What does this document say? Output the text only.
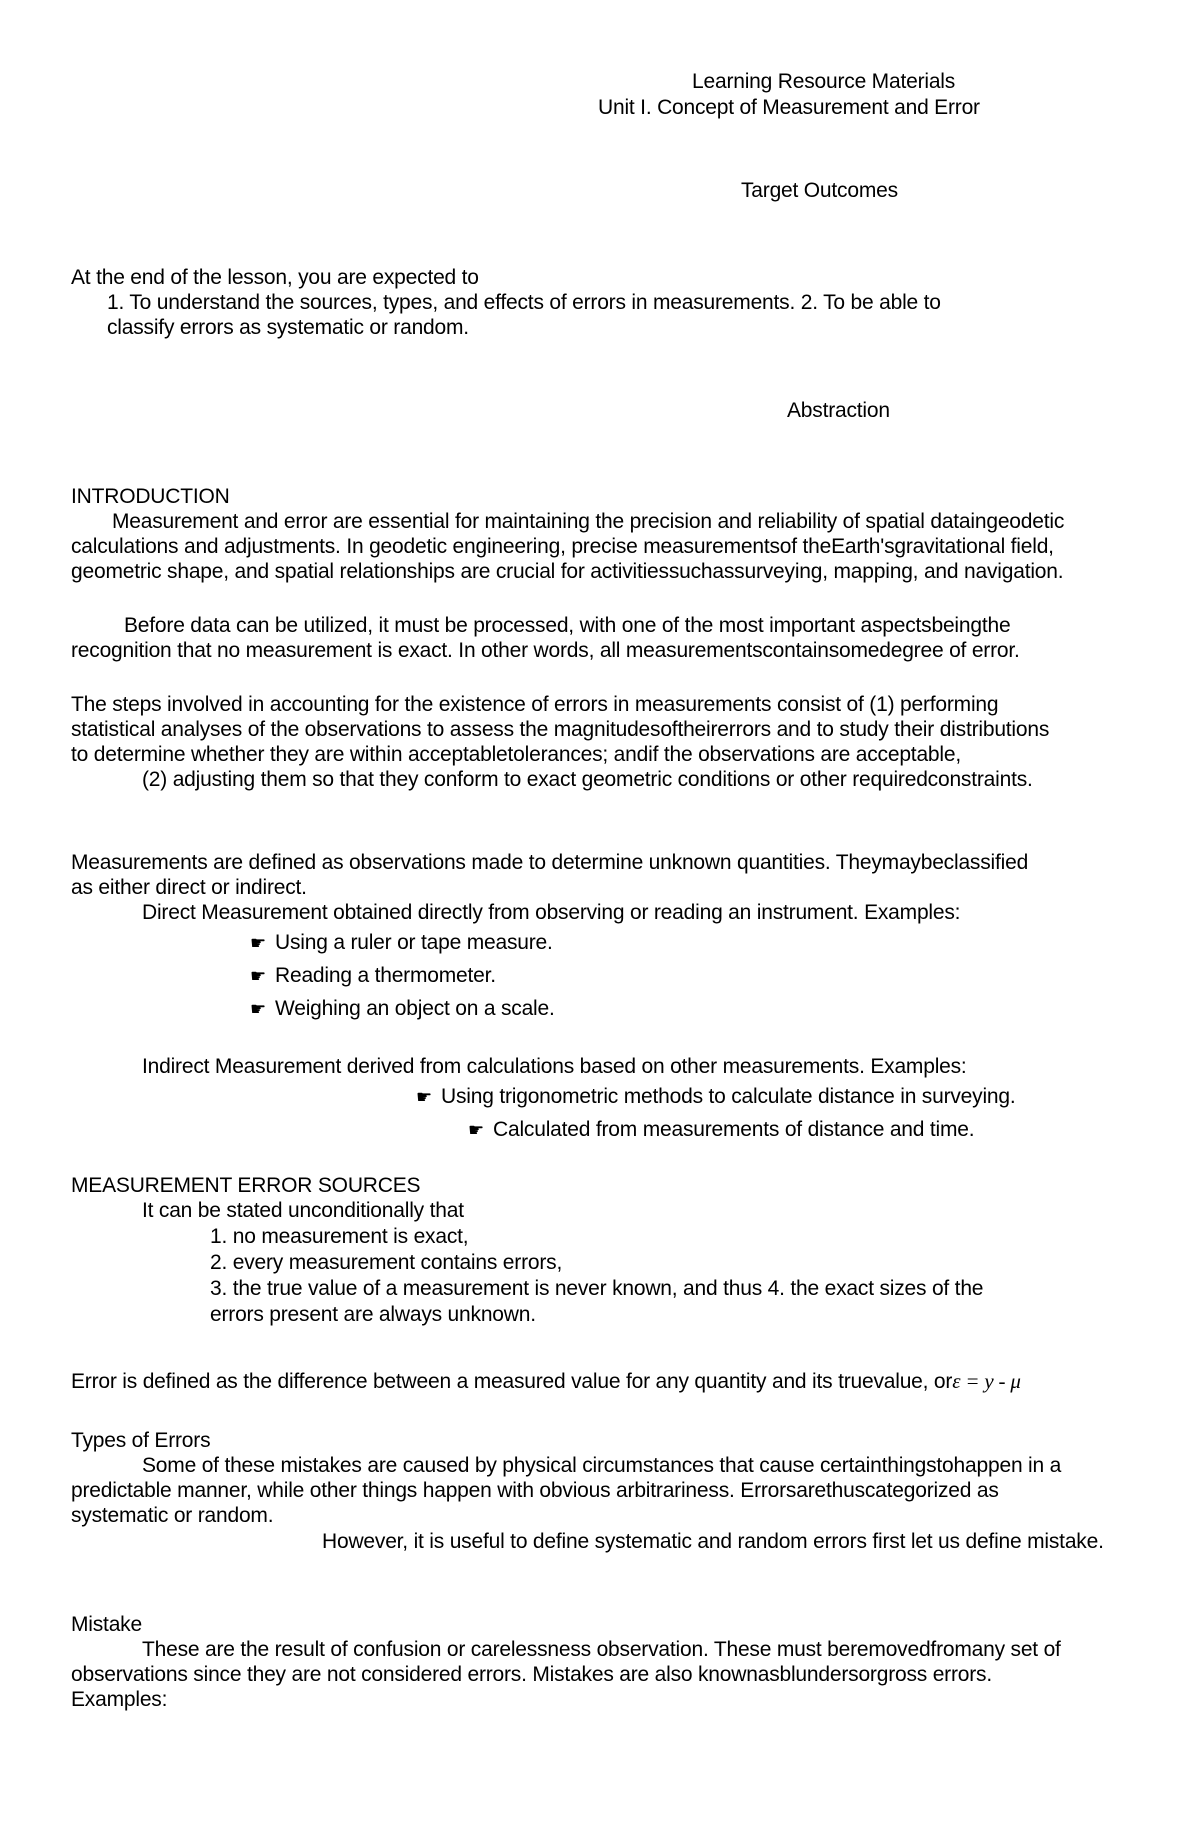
Learning Resource Materials
Unit I. Concept of Measurement and Error
Target Outcomes
At the end of the lesson, you are expected to
1. To understand the sources, types, and effects of errors in measurements. 2. To be able to
classify errors as systematic or random.
Abstraction
INTRODUCTION
Measurement and error are essential for maintaining the precision and reliability of spatial dataingeodetic
calculations and adjustments. In geodetic engineering, precise measurementsof theEarth'sgravitational field,
geometric shape, and spatial relationships are crucial for activitiessuchassurveying, mapping, and navigation.
Before data can be utilized, it must be processed, with one of the most important aspectsbeingthe
recognition that no measurement is exact. In other words, all measurementscontainsomedegree of error.
The steps involved in accounting for the existence of errors in measurements consist of (1) performing
statistical analyses of the observations to assess the magnitudesoftheirerrors and to study their distributions
to determine whether they are within acceptabletolerances; andif the observations are acceptable,
(2) adjusting them so that they conform to exact geometric conditions or other requiredconstraints.
Measurements are defined as observations made to determine unknown quantities. Theymaybeclassified
as either direct or indirect.
Direct Measurement obtained directly from observing or reading an instrument. Examples:
☛ Using a ruler or tape measure.
☛ Reading a thermometer.
☛ Weighing an object on a scale.
Indirect Measurement derived from calculations based on other measurements. Examples:
☛ Using trigonometric methods to calculate distance in surveying.
☛ Calculated from measurements of distance and time.
MEASUREMENT ERROR SOURCES
It can be stated unconditionally that
1. no measurement is exact,
2. every measurement contains errors,
3. the true value of a measurement is never known, and thus 4. the exact sizes of the
errors present are always unknown.
Error is defined as the difference between a measured value for any quantity and its truevalue, orε = y - μ
Types of Errors
Some of these mistakes are caused by physical circumstances that cause certainthingstohappen in a
predictable manner, while other things happen with obvious arbitrariness. Errorsarethuscategorized as
systematic or random.
However, it is useful to define systematic and random errors first let us define mistake.
Mistake
These are the result of confusion or carelessness observation. These must beremovedfromany set of
observations since they are not considered errors. Mistakes are also knownasblundersorgross errors.
Examples:
